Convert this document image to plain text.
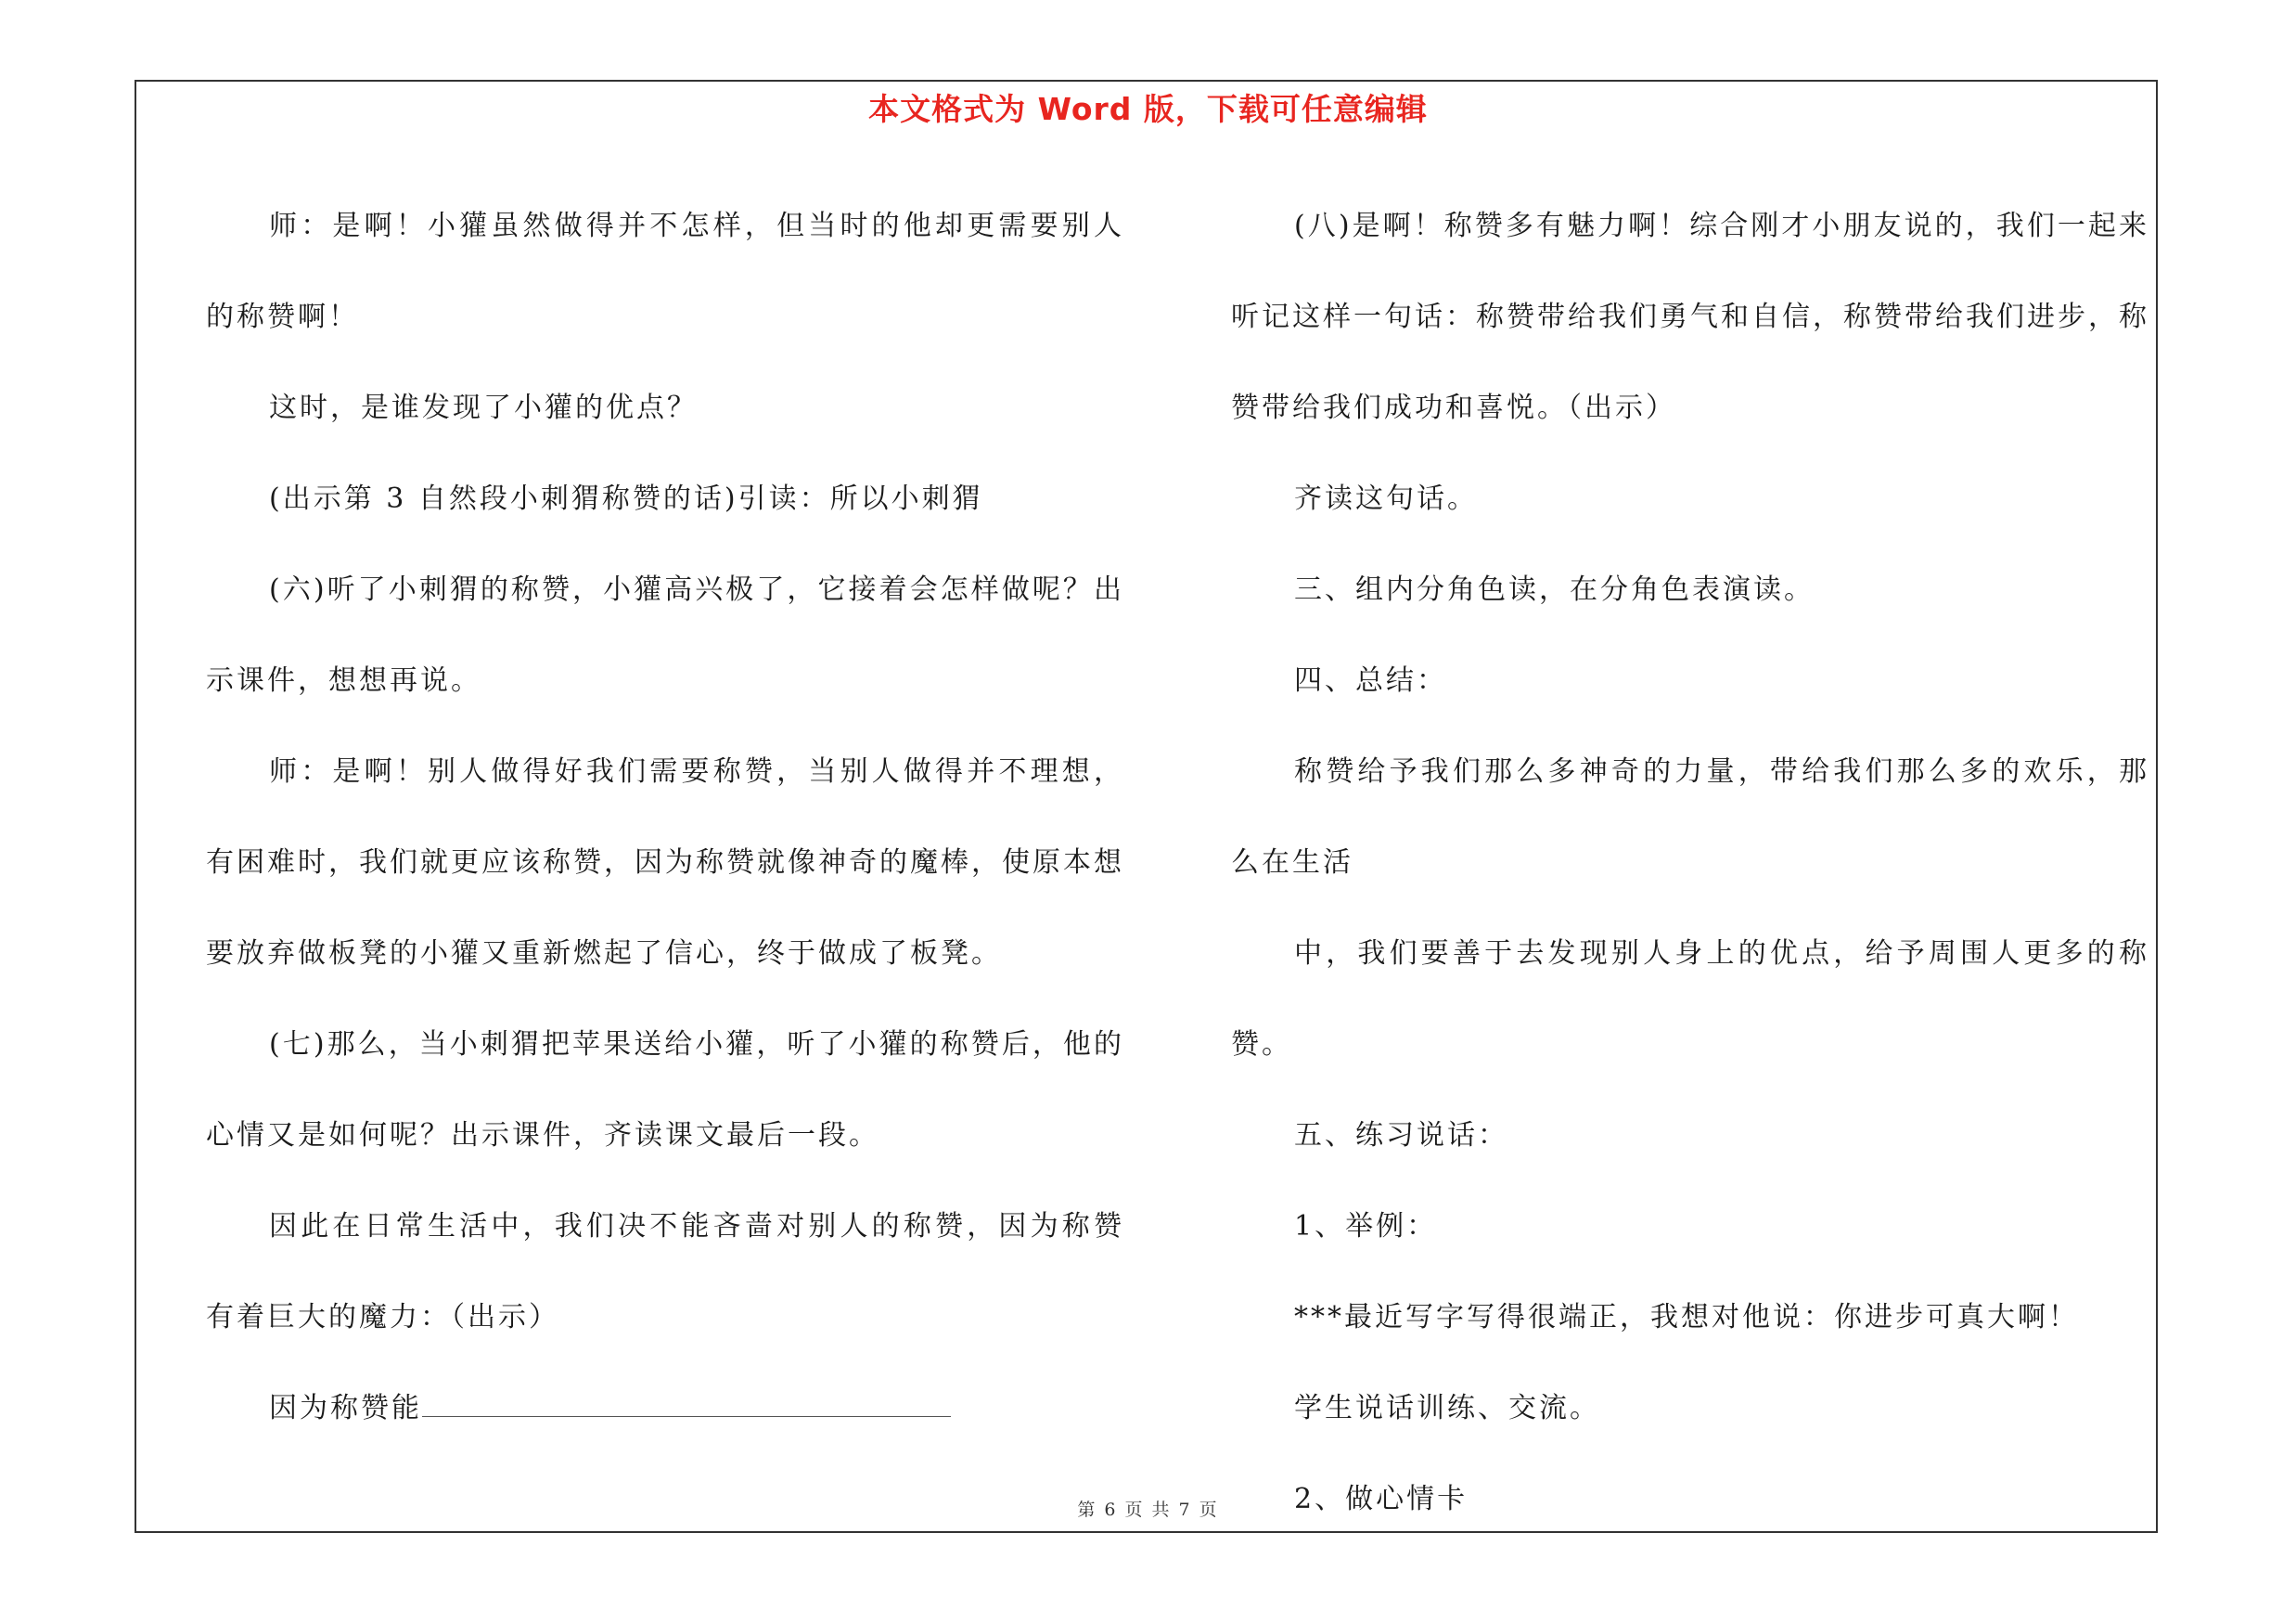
本文格式为 Word 版，下载可任意编辑

师：是啊！小獾虽然做得并不怎样，但当时的他却更需要别人的称赞啊！

这时，是谁发现了小獾的优点？

(出示第 3 自然段小刺猬称赞的话)引读：所以小刺猬

(六)听了小刺猬的称赞，小獾高兴极了，它接着会怎样做呢？出示课件，想想再说。

师：是啊！别人做得好我们需要称赞，当别人做得并不理想，有困难时，我们就更应该称赞，因为称赞就像神奇的魔棒，使原本想要放弃做板凳的小獾又重新燃起了信心，终于做成了板凳。

(七)那么，当小刺猬把苹果送给小獾，听了小獾的称赞后，他的心情又是如何呢？出示课件，齐读课文最后一段。

因此在日常生活中，我们决不能吝啬对别人的称赞，因为称赞有着巨大的魔力：（出示）

因为称赞能

(八)是啊！称赞多有魅力啊！综合刚才小朋友说的，我们一起来听记这样一句话：称赞带给我们勇气和自信，称赞带给我们进步，称赞带给我们成功和喜悦。（出示）

齐读这句话。

三、组内分角色读，在分角色表演读。

四、总结：

称赞给予我们那么多神奇的力量，带给我们那么多的欢乐，那么在生活

中，我们要善于去发现别人身上的优点，给予周围人更多的称赞。

五、练习说话：

1、举例：

***最近写字写得很端正，我想对他说：你进步可真大啊！

学生说话训练、交流。

2、做心情卡

第 6 页 共 7 页
